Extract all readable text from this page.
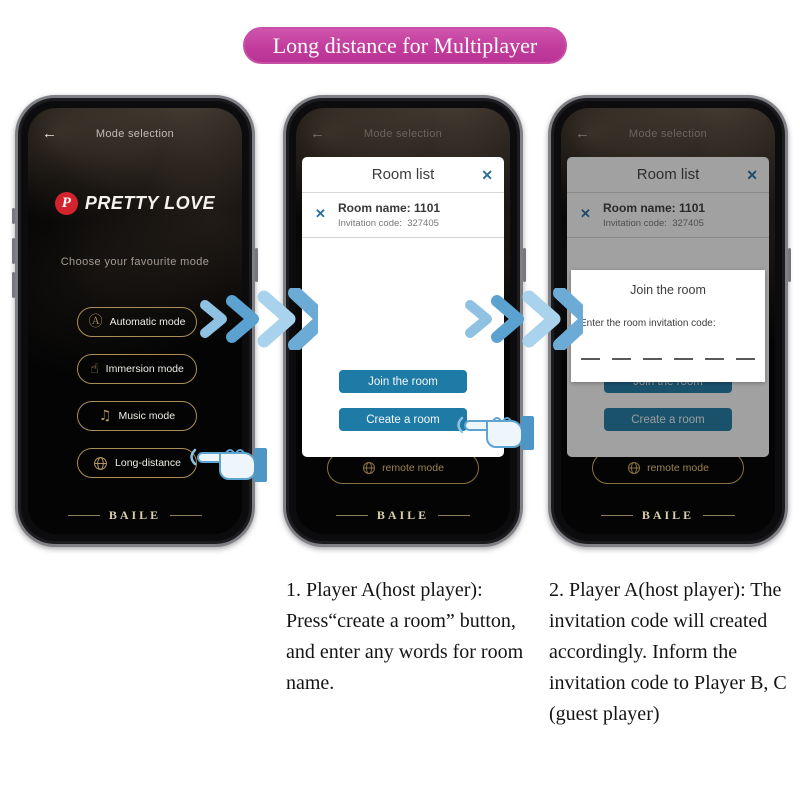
Long distance for Multiplayer
←	Mode selection
P PRETTY LOVE
Choose your favourite mode
Ⓐ Automatic mode
☝ Immersion mode
♫ Music mode
Long-distance
BAILE
←	Mode selection
remote mode
Room list	✕
✕ Room name: 1101
Invitation code: 327405
Join the room
Create a room
BAILE
←	Mode selection
remote mode
Room list	✕
✕ Room name: 1101
Invitation code: 327405
Create a room
Join the room
Enter the room invitation code:
BAILE
1. Player A(host player): Press“create a room” button, and enter any words for room name.
2. Player A(host player): The invitation code will created accordingly. Inform the invitation code to Player B, C (guest player)
